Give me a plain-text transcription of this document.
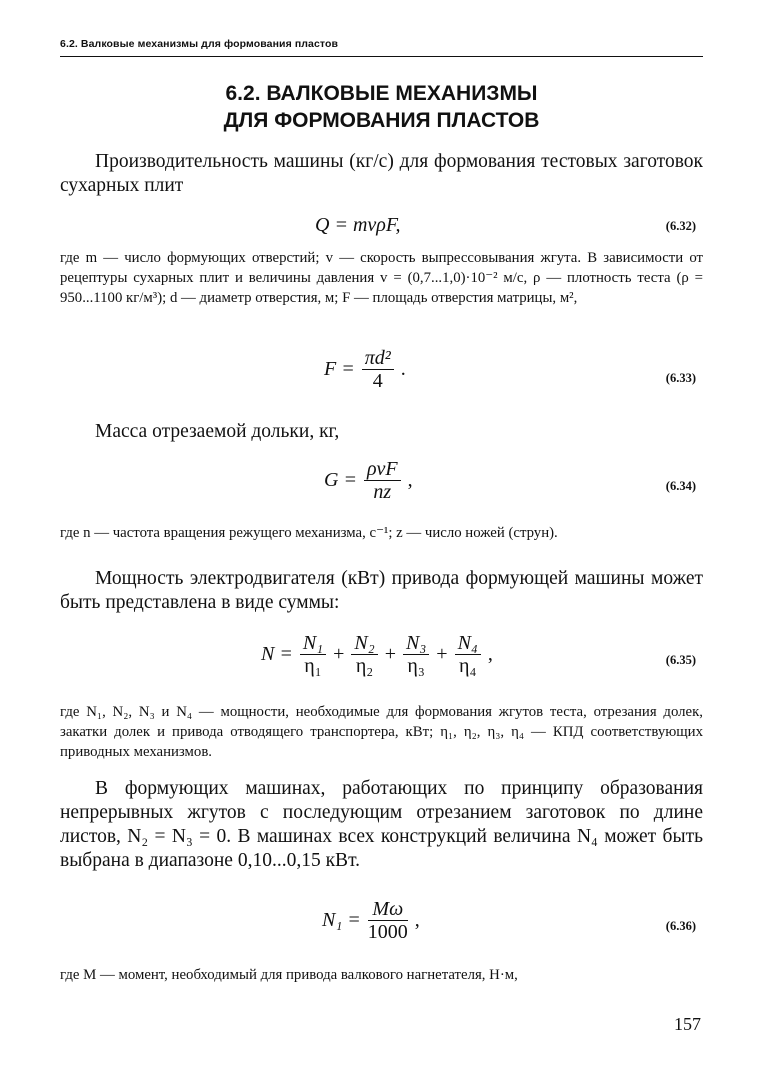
6.2. Валковые механизмы для формования пластов
6.2. ВАЛКОВЫЕ МЕХАНИЗМЫ
ДЛЯ ФОРМОВАНИЯ ПЛАСТОВ

Производительность машины (кг/с) для формования тестовых заготовок сухарных плит

Q = mvρF,	(6.32)

где m — число формующих отверстий; v — скорость выпрессовывания жгута. В зависимости от рецептуры сухарных плит и величины давления v = (0,7...1,0)·10⁻² м/с, ρ — плотность теста (ρ = 950...1100 кг/м³); d — диаметр отверстия, м; F — площадь отверстия матрицы, м²,

$F = \frac{\text{πd²}}{4}$ .	(6.33)

Масса отрезаемой дольки, кг,

$G = \frac{\text{ρvF}}{nz}$ ,	(6.34)

где n — частота вращения режущего механизма, с⁻¹; z — число ножей (струн).

Мощность электродвигателя (кВт) привода формующей машины может быть представлена в виде суммы:

$N = \frac{\text{N₁}}{\text{η₁}} + \frac{\text{N₂}}{\text{η₂}} + \frac{\text{N₃}}{\text{η₃}} + \frac{\text{N₄}}{\text{η₄}}$ ,	(6.35)

где N₁, N₂, N₃ и N₄ — мощности, необходимые для формования жгутов теста, отрезания долек, закатки долек и привода отводящего транспортера, кВт; η₁, η₂, η₃, η₄ — КПД соответствующих приводных механизмов.

В формующих машинах, работающих по принципу образования непрерывных жгутов с последующим отрезанием заготовок по длине листов, N₂ = N₃ = 0. В машинах всех конструкций величина N₄ может быть выбрана в диапазоне 0,10...0,15 кВт.

$N_1 = \frac{M\omega}{1000}$ ,	(6.36)

где M — момент, необходимый для привода валкового нагнетателя, Н·м,

157
